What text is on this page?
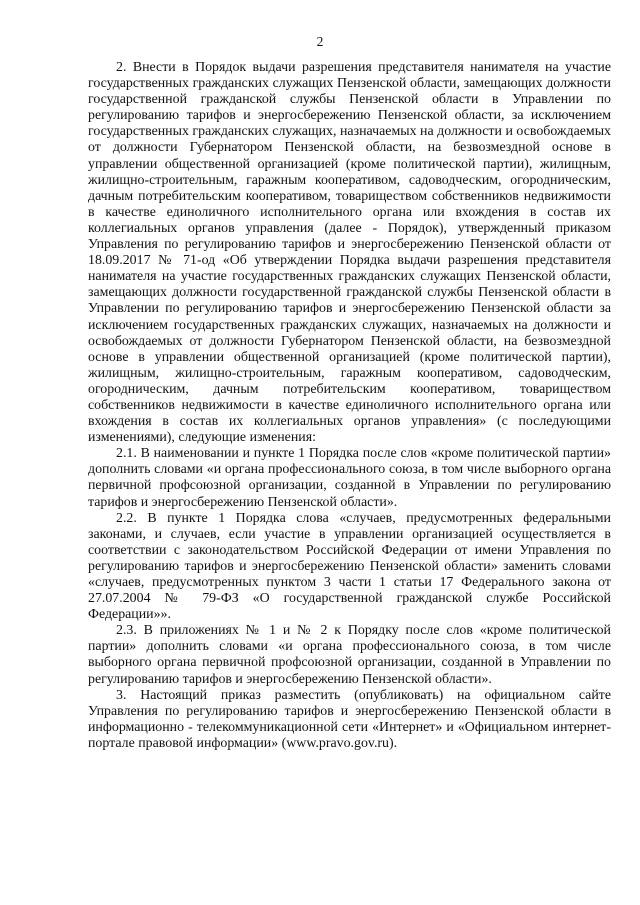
2

2. Внести в Порядок выдачи разрешения представителя нанимателя на участие государственных гражданских служащих Пензенской области, замещающих должности государственной гражданской службы Пензенской области в Управлении по регулированию тарифов и энергосбережению Пензенской области, за исключением государственных гражданских служащих, назначаемых на должности и освобождаемых от должности Губернатором Пензенской области, на безвозмездной основе в управлении общественной организацией (кроме политической партии), жилищным, жилищно-строительным, гаражным кооперативом, садоводческим, огородническим, дачным потребительским кооперативом, товариществом собственников недвижимости в качестве единоличного исполнительного органа или вхождения в состав их коллегиальных органов управления (далее - Порядок), утвержденный приказом Управления по регулированию тарифов и энергосбережению Пензенской области от 18.09.2017 № 71-од «Об утверждении Порядка выдачи разрешения представителя нанимателя на участие государственных гражданских служащих Пензенской области, замещающих должности государственной гражданской службы Пензенской области в Управлении по регулированию тарифов и энергосбережению Пензенской области за исключением государственных гражданских служащих, назначаемых на должности и освобождаемых от должности Губернатором Пензенской области, на безвозмездной основе в управлении общественной организацией (кроме политической партии), жилищным, жилищно-строительным, гаражным кооперативом, садоводческим, огородническим, дачным потребительским кооперативом, товариществом собственников недвижимости в качестве единоличного исполнительного органа или вхождения в состав их коллегиальных органов управления» (с последующими изменениями), следующие изменения:

2.1. В наименовании и пункте 1 Порядка после слов «кроме политической партии» дополнить словами «и органа профессионального союза, в том числе выборного органа первичной профсоюзной организации, созданной в Управлении по регулированию тарифов и энергосбережению Пензенской области».

2.2. В пункте 1 Порядка слова «случаев, предусмотренных федеральными законами, и случаев, если участие в управлении организацией осуществляется в соответствии с законодательством Российской Федерации от имени Управления по регулированию тарифов и энергосбережению Пензенской области» заменить словами «случаев, предусмотренных пунктом 3 части 1 статьи 17 Федерального закона от 27.07.2004 № 79-ФЗ «О государственной гражданской службе Российской Федерации»».

2.3. В приложениях № 1 и № 2 к Порядку после слов «кроме политической партии» дополнить словами «и органа профессионального союза, в том числе выборного органа первичной профсоюзной организации, созданной в Управлении по регулированию тарифов и энергосбережению Пензенской области».

3. Настоящий приказ разместить (опубликовать) на официальном сайте Управления по регулированию тарифов и энергосбережению Пензенской области в информационно - телекоммуникационной сети «Интернет» и «Официальном интернет-портале правовой информации» (www.pravo.gov.ru).
